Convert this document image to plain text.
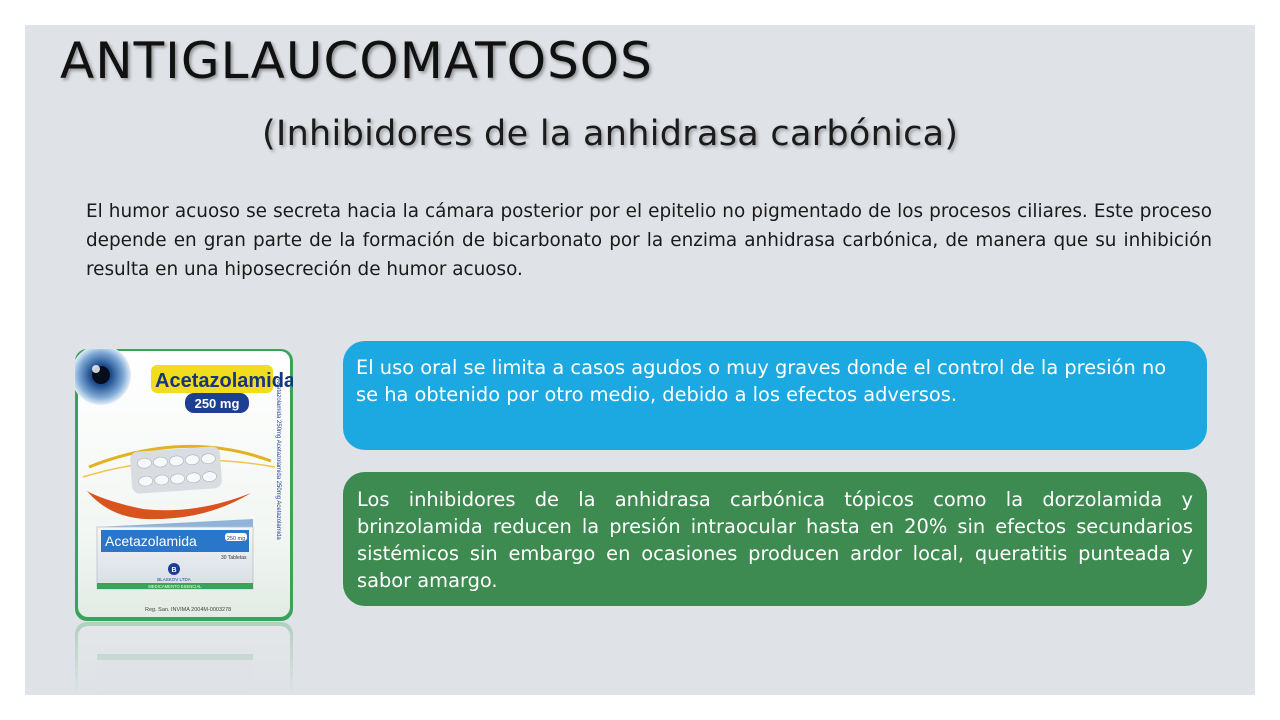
ANTIGLAUCOMATOSOS
(Inhibidores de la anhidrasa carbónica)

El humor acuoso se secreta hacia la cámara posterior por el epitelio no pigmentado de los procesos ciliares. Este proceso depende en gran parte de la formación de bicarbonato por la enzima anhidrasa carbónica, de manera que su inhibición resulta en una hiposecreción de humor acuoso.

Acetazolamida
250 mg
Acetazolamida	250 mg
30 Tabletas
B
BLASKOV LTDA
MEDICAMENTO ESENCIAL
Acetazolamida 250mg Acetazolamida 250mg Acetazolamida
Reg. San. INVIMA 2004M-0003278
El uso oral se limita a casos agudos o muy graves donde el control de la presión no se ha obtenido por otro medio, debido a los efectos adversos.
Los inhibidores de la anhidrasa carbónica tópicos como la dorzolamida y brinzolamida reducen la presión intraocular hasta en 20% sin efectos secundarios sistémicos sin embargo en ocasiones producen ardor local, queratitis punteada y sabor amargo.
